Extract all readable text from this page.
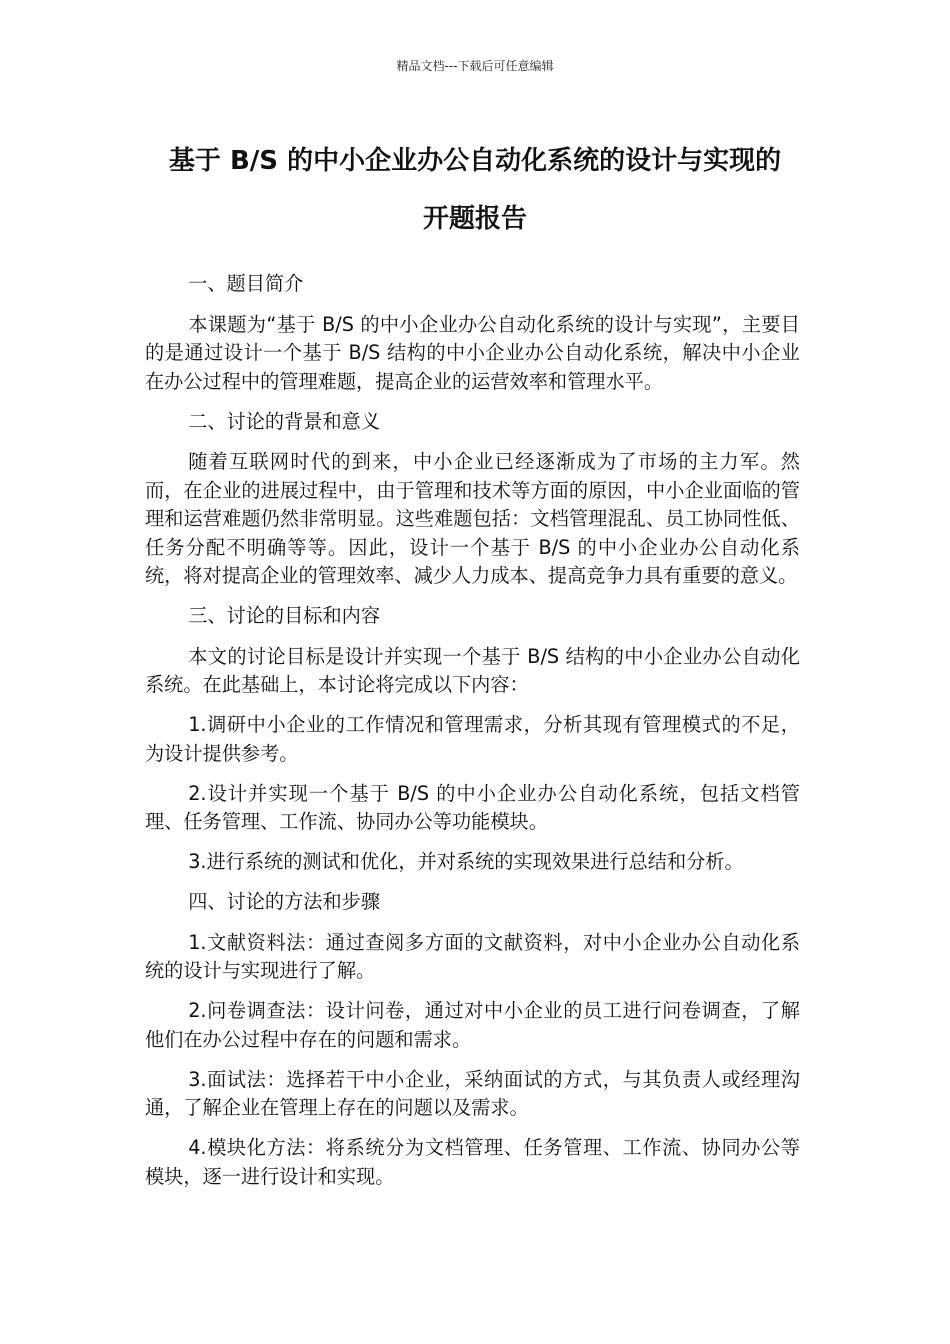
精品文档---下载后可任意编辑
基于 B/S 的中小企业办公自动化系统的设计与实现的
开题报告

一、题目简介

本课题为“基于 B/S 的中小企业办公自动化系统的设计与实现”，主要目的是通过设计一个基于 B/S 结构的中小企业办公自动化系统，解决中小企业在办公过程中的管理难题，提高企业的运营效率和管理水平。

二、讨论的背景和意义

随着互联网时代的到来，中小企业已经逐渐成为了市场的主力军。然而，在企业的进展过程中，由于管理和技术等方面的原因，中小企业面临的管理和运营难题仍然非常明显。这些难题包括：文档管理混乱、员工协同性低、任务分配不明确等等。因此，设计一个基于 B/S 的中小企业办公自动化系统，将对提高企业的管理效率、减少人力成本、提高竞争力具有重要的意义。

三、讨论的目标和内容

本文的讨论目标是设计并实现一个基于 B/S 结构的中小企业办公自动化系统。在此基础上，本讨论将完成以下内容：

1.调研中小企业的工作情况和管理需求，分析其现有管理模式的不足，为设计提供参考。

2.设计并实现一个基于 B/S 的中小企业办公自动化系统，包括文档管理、任务管理、工作流、协同办公等功能模块。

3.进行系统的测试和优化，并对系统的实现效果进行总结和分析。

四、讨论的方法和步骤

1.文献资料法：通过查阅多方面的文献资料，对中小企业办公自动化系统的设计与实现进行了解。

2.问卷调查法：设计问卷，通过对中小企业的员工进行问卷调查，了解他们在办公过程中存在的问题和需求。

3.面试法：选择若干中小企业，采纳面试的方式，与其负责人或经理沟通，了解企业在管理上存在的问题以及需求。

4.模块化方法：将系统分为文档管理、任务管理、工作流、协同办公等模块，逐一进行设计和实现。
